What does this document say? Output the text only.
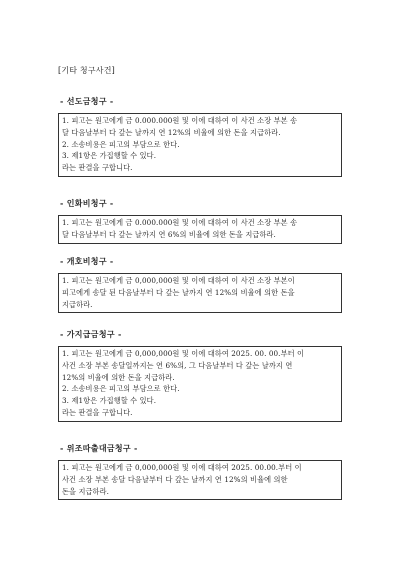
[기타 청구사건]
- 선도금청구 -
1. 피고는 원고에게 금 0.000.000원 및 이에 대하여 이 사건 소장 부본 송
달 다음날부터 다 갚는 날까지 연 12%의 비율에 의한 돈을 지급하라.
2. 소송비용은 피고의 부담으로 한다.
3. 제1항은 가집행할 수 있다.
라는 판결을 구합니다.
- 인화비청구 -
1. 피고는 원고에게 금 0.000.000원 및 이에 대하여 이 사건 소장 부본 송
달 다음날부터 다 갚는 날까지 연 6%의 비율에 의한 돈을 지급하라.
- 개호비청구 -
1. 피고는 원고에게 금 0,000,000원 및 이에 대하여 이 사건 소장 부본이
피고에게 송달 된 다음날부터 다 갚는 날까지 연 12%의 비율에 의한 돈을
지급하라.
- 가지급금청구 -
1. 피고는 원고에게 금 0,000,000원 및 이에 대하여 2025. 00. 00.부터 이
사건 소장 부본 송달일까지는 연 6%의, 그 다음날부터 다 갚는 날까지 연
12%의 비율에 의한 돈을 지급하라.
2. 소송비용은 피고의 부담으로 한다.
3. 제1항은 가집행할 수 있다.
라는 판결을 구합니다.
- 위조따출대금청구 -
1. 피고는 원고에게 금 0,000,000원 및 이에 대하여 2025. 00.00.부터 이
사건 소장 부본 송달 다음날부터 다 갚는 날까지 연 12%의 비율에 의한
돈을 지급하라.
